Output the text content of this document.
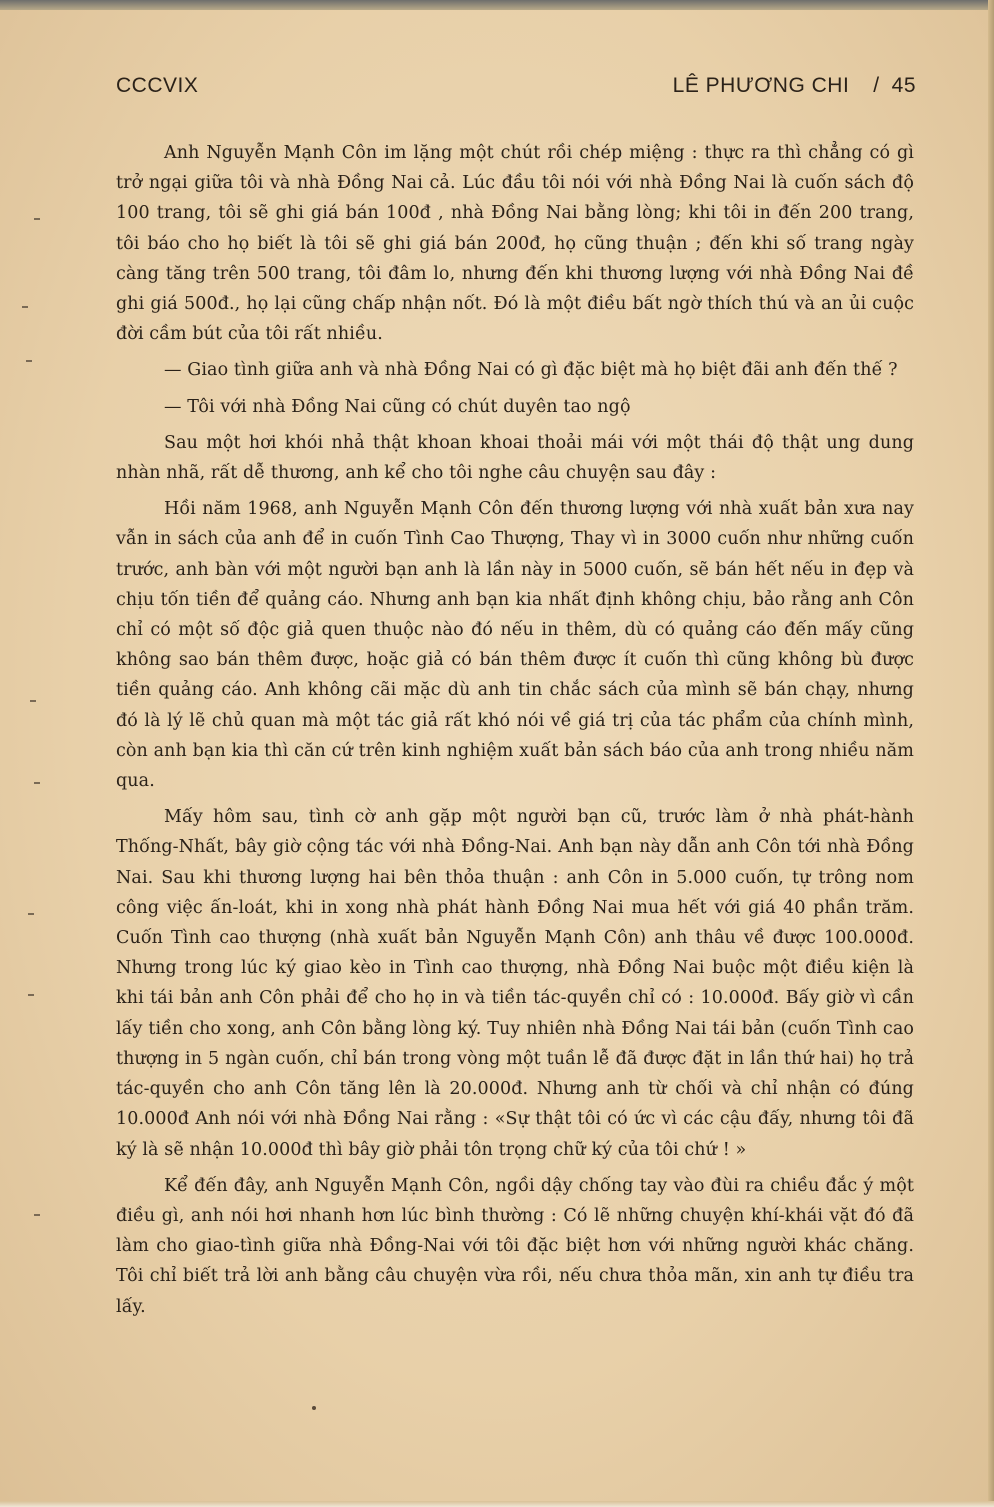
CCCVIX	LÊ PHƯƠNG CHI / 45

Anh Nguyễn Mạnh Côn im lặng một chút rồi chép miệng : thực ra thì chẳng có gì trở ngại giữa tôi và nhà Đồng Nai cả. Lúc đầu tôi nói với nhà Đồng Nai là cuốn sách độ 100 trang, tôi sẽ ghi giá bán 100đ , nhà Đồng Nai bằng lòng; khi tôi in đến 200 trang, tôi báo cho họ biết là tôi sẽ ghi giá bán 200đ, họ cũng thuận ; đến khi số trang ngày càng tăng trên 500 trang, tôi đâm lo, nhưng đến khi thương lượng với nhà Đồng Nai đề ghi giá 500đ., họ lại cũng chấp nhận nốt. Đó là một điều bất ngờ thích thú và an ủi cuộc đời cầm bút của tôi rất nhiều.

— Giao tình giữa anh và nhà Đồng Nai có gì đặc biệt mà họ biệt đãi anh đến thế ?

— Tôi với nhà Đồng Nai cũng có chút duyên tao ngộ

Sau một hơi khói nhả thật khoan khoai thoải mái với một thái độ thật ung dung nhàn nhã, rất dễ thương, anh kể cho tôi nghe câu chuyện sau đây :

Hồi năm 1968, anh Nguyễn Mạnh Côn đến thương lượng với nhà xuất bản xưa nay vẫn in sách của anh để in cuốn Tình Cao Thượng, Thay vì in 3000 cuốn như những cuốn trước, anh bàn với một người bạn anh là lần này in 5000 cuốn, sẽ bán hết nếu in đẹp và chịu tốn tiền để quảng cáo. Nhưng anh bạn kia nhất định không chịu, bảo rằng anh Côn chỉ có một số độc giả quen thuộc nào đó nếu in thêm, dù có quảng cáo đến mấy cũng không sao bán thêm được, hoặc giả có bán thêm được ít cuốn thì cũng không bù được tiền quảng cáo. Anh không cãi mặc dù anh tin chắc sách của mình sẽ bán chạy, nhưng đó là lý lẽ chủ quan mà một tác giả rất khó nói về giá trị của tác phẩm của chính mình, còn anh bạn kia thì căn cứ trên kinh nghiệm xuất bản sách báo của anh trong nhiều năm qua.

Mấy hôm sau, tình cờ anh gặp một người bạn cũ, trước làm ở nhà phát-hành Thống-Nhất, bây giờ cộng tác với nhà Đồng-Nai. Anh bạn này dẫn anh Côn tới nhà Đồng Nai. Sau khi thương lượng hai bên thỏa thuận : anh Côn in 5.000 cuốn, tự trông nom công việc ấn-loát, khi in xong nhà phát hành Đồng Nai mua hết với giá 40 phần trăm. Cuốn Tình cao thượng (nhà xuất bản Nguyễn Mạnh Côn) anh thâu về được 100.000đ. Nhưng trong lúc ký giao kèo in Tình cao thượng, nhà Đồng Nai buộc một điều kiện là khi tái bản anh Côn phải để cho họ in và tiền tác-quyền chỉ có : 10.000đ. Bấy giờ vì cần lấy tiền cho xong, anh Côn bằng lòng ký. Tuy nhiên nhà Đồng Nai tái bản (cuốn Tình cao thượng in 5 ngàn cuốn, chỉ bán trong vòng một tuần lễ đã được đặt in lần thứ hai) họ trả tác-quyền cho anh Côn tăng lên là 20.000đ. Nhưng anh từ chối và chỉ nhận có đúng 10.000đ Anh nói với nhà Đồng Nai rằng : «Sự thật tôi có ức vì các cậu đấy, nhưng tôi đã ký là sẽ nhận 10.000đ thì bây giờ phải tôn trọng chữ ký của tôi chứ ! »

Kể đến đây, anh Nguyễn Mạnh Côn, ngồi dậy chống tay vào đùi ra chiều đắc ý một điều gì, anh nói hơi nhanh hơn lúc bình thường : Có lẽ những chuyện khí-khái vặt đó đã làm cho giao-tình giữa nhà Đồng-Nai với tôi đặc biệt hơn với những người khác chăng. Tôi chỉ biết trả lời anh bằng câu chuyện vừa rồi, nếu chưa thỏa mãn, xin anh tự điều tra lấy.
